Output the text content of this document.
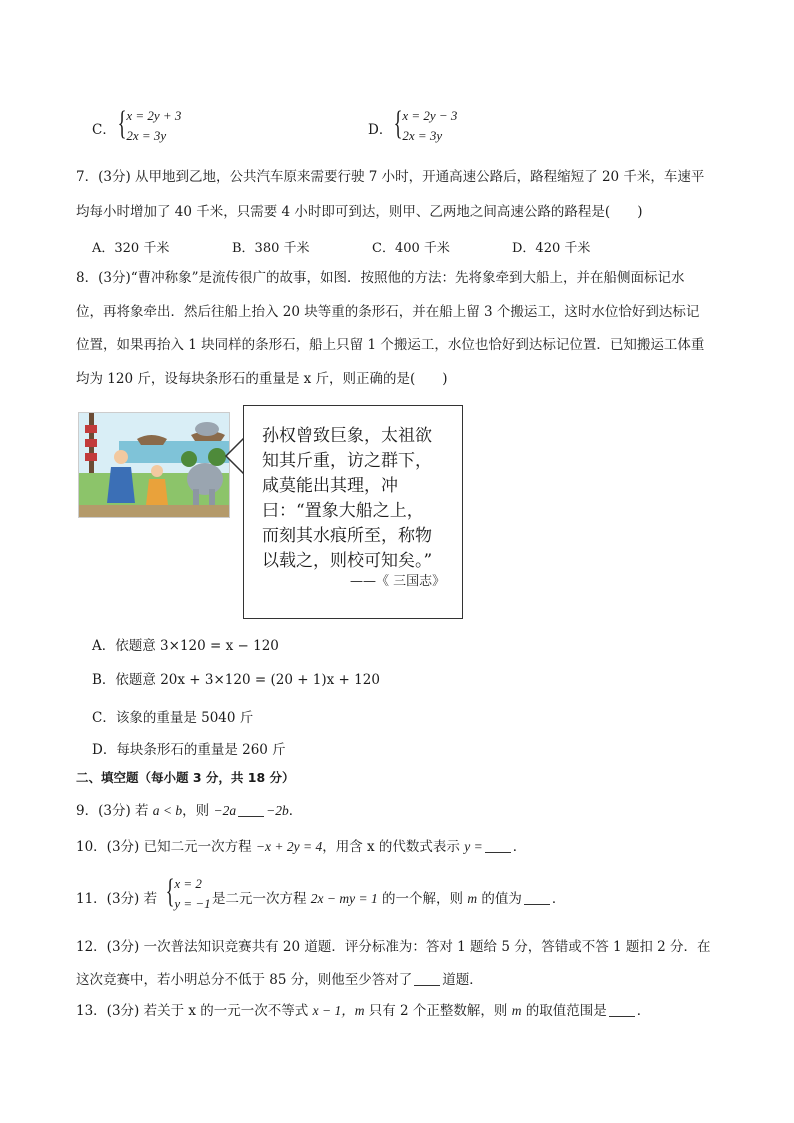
C． { x = 2y + 3
2x = 3y	D． { x = 2y − 3
2x = 3y
7．(3分) 从甲地到乙地，公共汽车原来需要行驶 7 小时，开通高速公路后，路程缩短了 20 千米，车速平
均每小时增加了 40 千米，只需要 4 小时即可到达，则甲、乙两地之间高速公路的路程是(　　)
A．320 千米	B．380 千米	C．400 千米	D．420 千米
8．(3分)“曹冲称象”是流传很广的故事，如图．按照他的方法：先将象牵到大船上，并在船侧面标记水
位，再将象牵出．然后往船上抬入 20 块等重的条形石，并在船上留 3 个搬运工，这时水位恰好到达标记
位置，如果再抬入 1 块同样的条形石，船上只留 1 个搬运工，水位也恰好到达标记位置．已知搬运工体重
均为 120 斤，设每块条形石的重量是 x 斤，则正确的是(　　)
孙权曾致巨象，太祖欲
知其斤重，访之群下，
咸莫能出其理，冲
曰：“置象大船之上，
而刻其水痕所至，称物
以载之，则校可知矣。”
——《 三国志》
A．依题意 3×120 = x − 120
B．依题意 20x + 3×120 = (20 + 1)x + 120
C．该象的重量是 5040 斤
D．每块条形石的重量是 260 斤
二、填空题（每小题 3 分，共 18 分）
9．(3分) 若 a < b，则 −2a −2b．
10．(3分) 已知二元一次方程 −x + 2y = 4，用含 x 的代数式表示 y = ．
11．(3分) 若 { x = 2
y = −1 是二元一次方程 2x − my = 1 的一个解，则 m 的值为 ．
12．(3分) 一次普法知识竞赛共有 20 道题．评分标准为：答对 1 题给 5 分，答错或不答 1 题扣 2 分．在
这次竞赛中，若小明总分不低于 85 分，则他至少答对了 道题．
13．(3分) 若关于 x 的一元一次不等式 x − 1，m 只有 2 个正整数解，则 m 的取值范围是 ．
